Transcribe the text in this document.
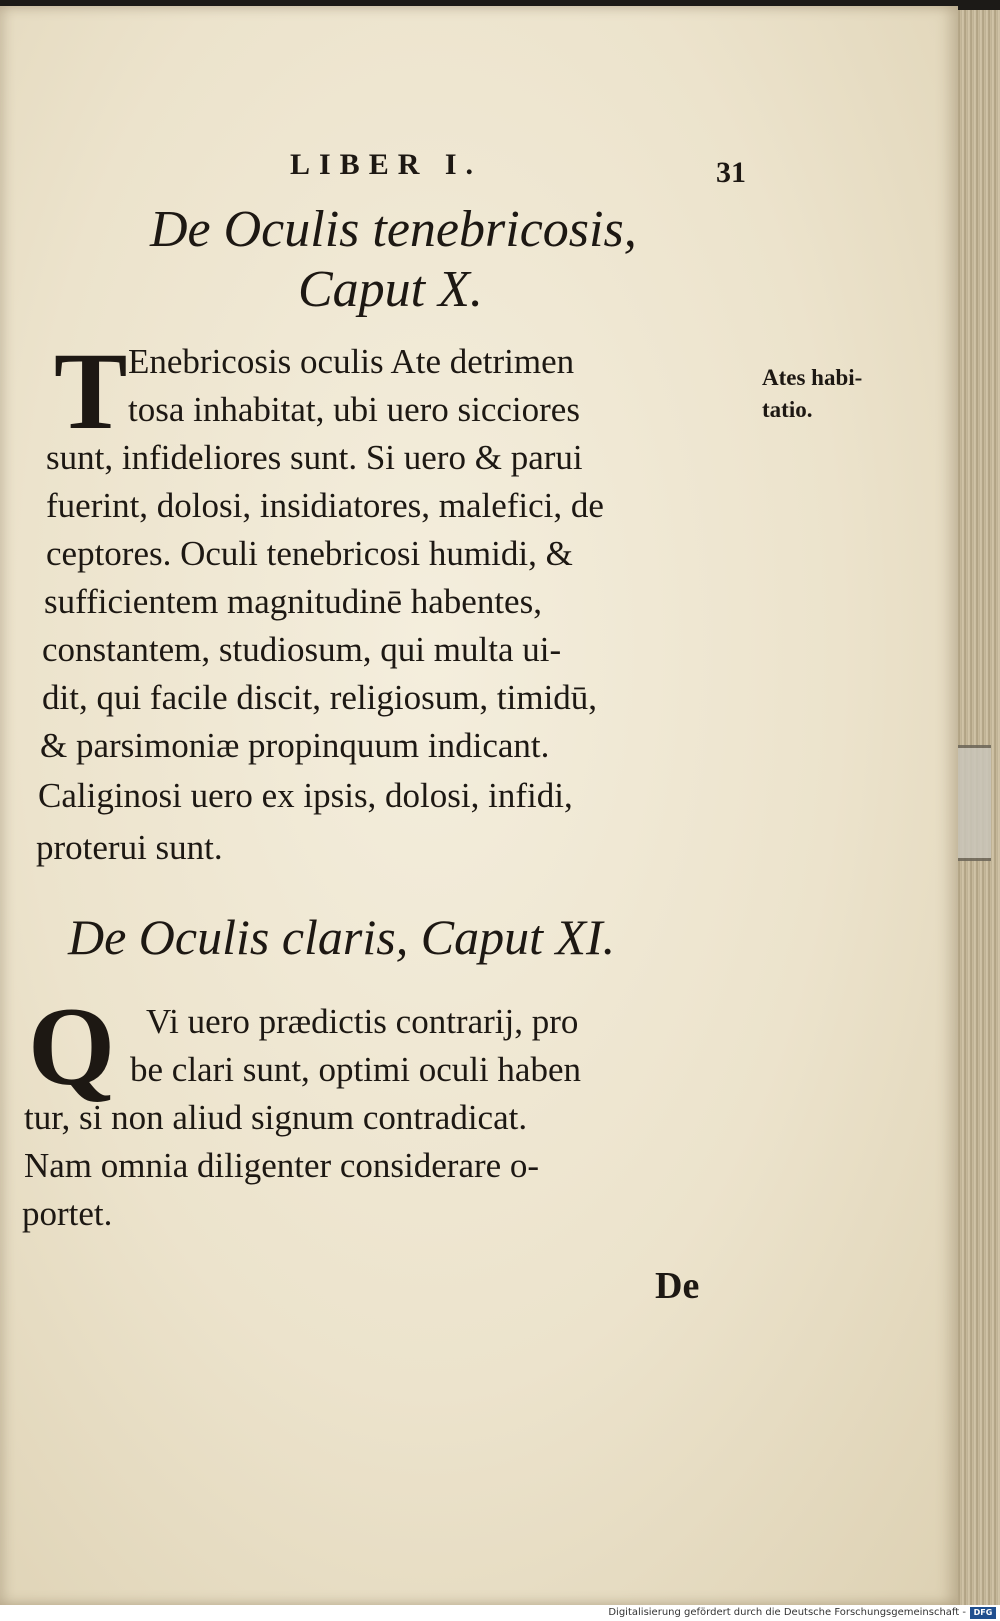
LIBER I.	31
De Oculis tenebricosis,
Caput X.
T Enebricosis oculis Ate detrimen
tosa inhabitat, ubi uero sicciores
sunt, infideliores sunt. Si uero & parui
fuerint, dolosi, insidiatores, malefici, de
ceptores. Oculi tenebricosi humidi, &
sufficientem magnitudinē habentes,
constantem, studiosum, qui multa ui-
dit, qui facile discit, religiosum, timidū,
& parsimoniæ propinquum indicant.
Caliginosi uero ex ipsis, dolosi, infidi,
proterui sunt.
Ates habi-
tatio.
De Oculis claris, Caput XI.
Q Vi uero prædictis contrarij, pro
be clari sunt, optimi oculi haben
tur, si non aliud signum contradicat.
Nam omnia diligenter considerare o-
portet.
De
Digitalisierung gefördert durch die Deutsche Forschungsgemeinschaft - DFG
